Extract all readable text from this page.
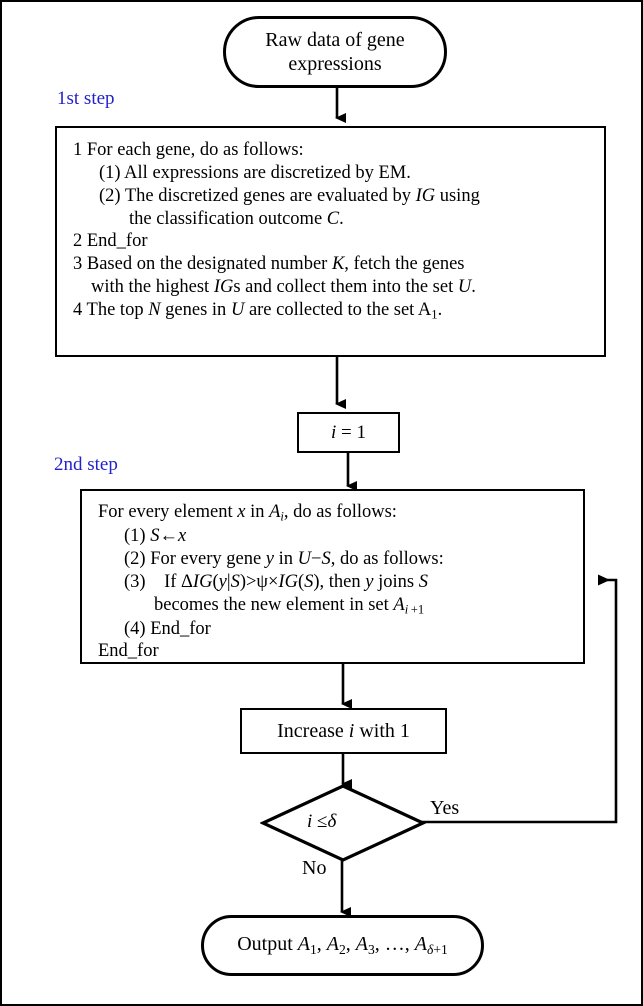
1st step
2nd step
Raw data of gene
expressions
1 For each gene, do as follows:
(1) All expressions are discretized by EM.
(2) The discretized genes are evaluated by IG using
the classification outcome C.
2 End_for
3 Based on the designated number K, fetch the genes
with the highest IGs and collect them into the set U.
4 The top N genes in U are collected to the set $A_1$.
i = 1
For every element x in $A_i$, do as follows:
(1) S←x
(2) For every gene y in U−S, do as follows:
(3)    If ΔIG(y|S)>ψ×IG(S), then y joins S
becomes the new element in set $A_{i +1}$
(4) End_for
End_for
Increase i with 1
i ≤δ
Yes
No
Output $A_1$, $A_2$, $A_3$, …, $A_{\delta+1}$
